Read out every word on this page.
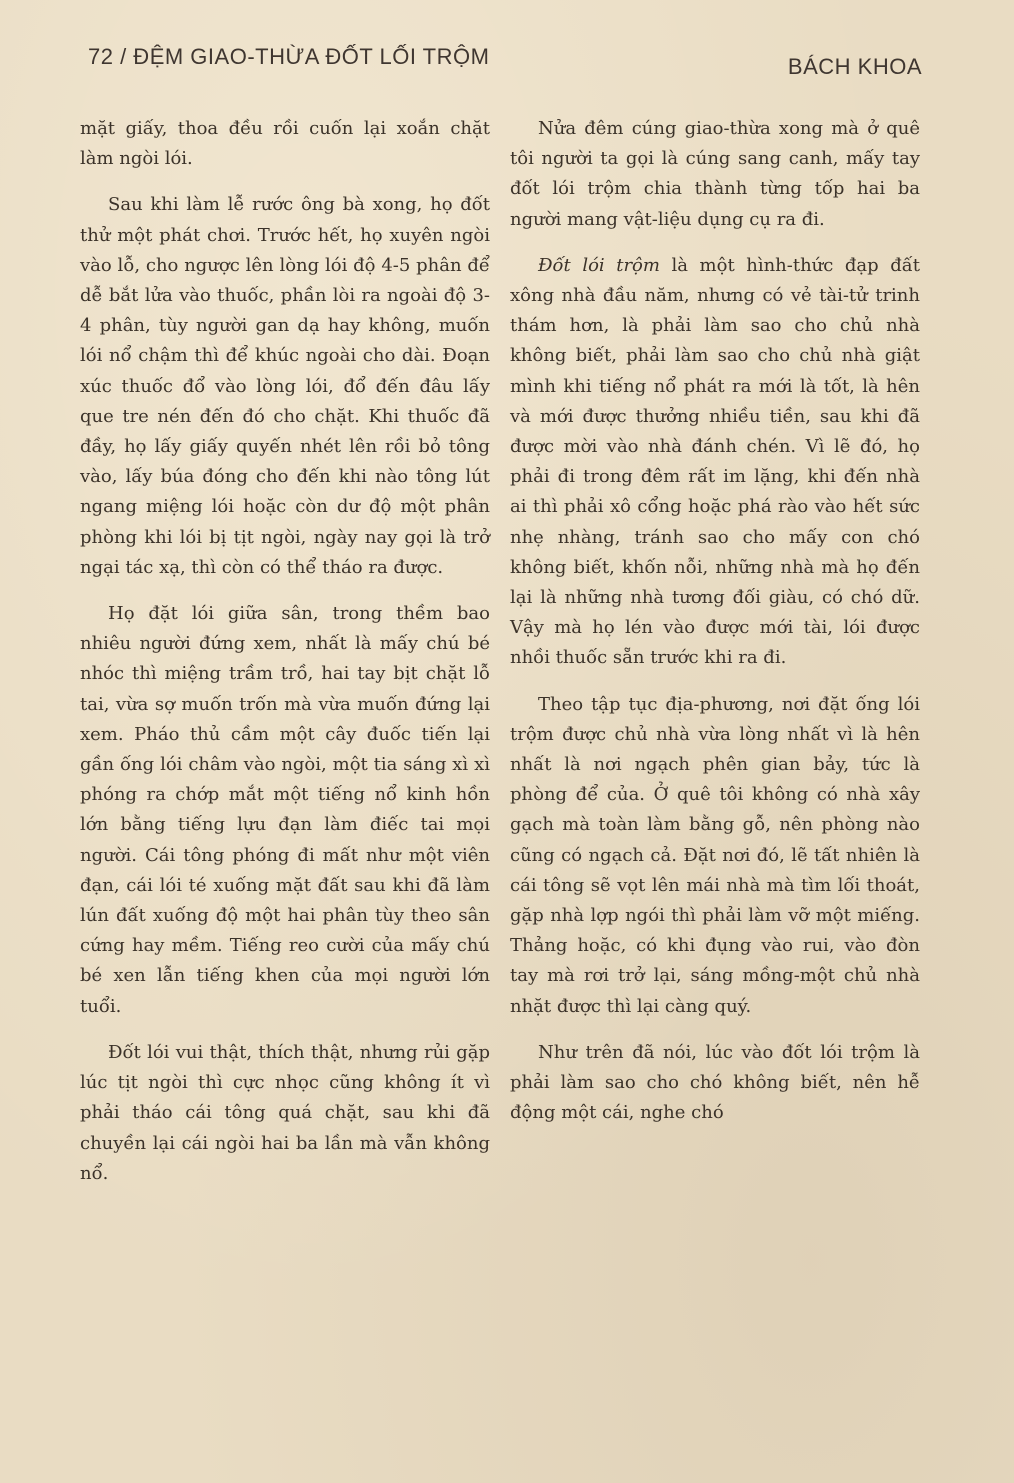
72 / ĐỆM GIAO-THỪA ĐỐT LỐI TRỘM	BÁCH KHOA

mặt giấy, thoa đều rồi cuốn lại xoắn chặt làm ngòi lói.

Sau khi làm lễ rước ông bà xong, họ đốt thử một phát chơi. Trước hết, họ xuyên ngòi vào lỗ, cho ngược lên lòng lói độ 4-5 phân để dễ bắt lửa vào thuốc, phần lòi ra ngoài độ 3-4 phân, tùy người gan dạ hay không, muốn lói nổ chậm thì để khúc ngoài cho dài. Đoạn xúc thuốc đổ vào lòng lói, đổ đến đâu lấy que tre nén đến đó cho chặt. Khi thuốc đã đầy, họ lấy giấy quyến nhét lên rồi bỏ tông vào, lấy búa đóng cho đến khi nào tông lút ngang miệng lói hoặc còn dư độ một phân phòng khi lói bị tịt ngòi, ngày nay gọi là trở ngại tác xạ, thì còn có thể tháo ra được.

Họ đặt lói giữa sân, trong thềm bao nhiêu người đứng xem, nhất là mấy chú bé nhóc thì miệng trầm trồ, hai tay bịt chặt lỗ tai, vừa sợ muốn trốn mà vừa muốn đứng lại xem. Pháo thủ cầm một cây đuốc tiến lại gần ống lói châm vào ngòi, một tia sáng xì xì phóng ra chớp mắt một tiếng nổ kinh hồn lớn bằng tiếng lựu đạn làm điếc tai mọi người. Cái tông phóng đi mất như một viên đạn, cái lói té xuống mặt đất sau khi đã làm lún đất xuống độ một hai phân tùy theo sân cứng hay mềm. Tiếng reo cười của mấy chú bé xen lẫn tiếng khen của mọi người lớn tuổi.

Đốt lói vui thật, thích thật, nhưng rủi gặp lúc tịt ngòi thì cực nhọc cũng không ít vì phải tháo cái tông quá chặt, sau khi đã chuyền lại cái ngòi hai ba lần mà vẫn không nổ.

Nửa đêm cúng giao-thừa xong mà ở quê tôi người ta gọi là cúng sang canh, mấy tay đốt lói trộm chia thành từng tốp hai ba người mang vật-liệu dụng cụ ra đi.

Đốt lói trộm là một hình-thức đạp đất xông nhà đầu năm, nhưng có vẻ tài-tử trinh thám hơn, là phải làm sao cho chủ nhà không biết, phải làm sao cho chủ nhà giật mình khi tiếng nổ phát ra mới là tốt, là hên và mới được thưởng nhiều tiền, sau khi đã được mời vào nhà đánh chén. Vì lẽ đó, họ phải đi trong đêm rất im lặng, khi đến nhà ai thì phải xô cổng hoặc phá rào vào hết sức nhẹ nhàng, tránh sao cho mấy con chó không biết, khốn nỗi, những nhà mà họ đến lại là những nhà tương đối giàu, có chó dữ. Vậy mà họ lén vào được mới tài, lói được nhồi thuốc sẵn trước khi ra đi.

Theo tập tục địa-phương, nơi đặt ống lói trộm được chủ nhà vừa lòng nhất vì là hên nhất là nơi ngạch phên gian bảy, tức là phòng để của. Ở quê tôi không có nhà xây gạch mà toàn làm bằng gỗ, nên phòng nào cũng có ngạch cả. Đặt nơi đó, lẽ tất nhiên là cái tông sẽ vọt lên mái nhà mà tìm lối thoát, gặp nhà lợp ngói thì phải làm vỡ một miếng. Thảng hoặc, có khi đụng vào rui, vào đòn tay mà rơi trở lại, sáng mồng-một chủ nhà nhặt được thì lại càng quý.

Như trên đã nói, lúc vào đốt lói trộm là phải làm sao cho chó không biết, nên hễ động một cái, nghe chó
